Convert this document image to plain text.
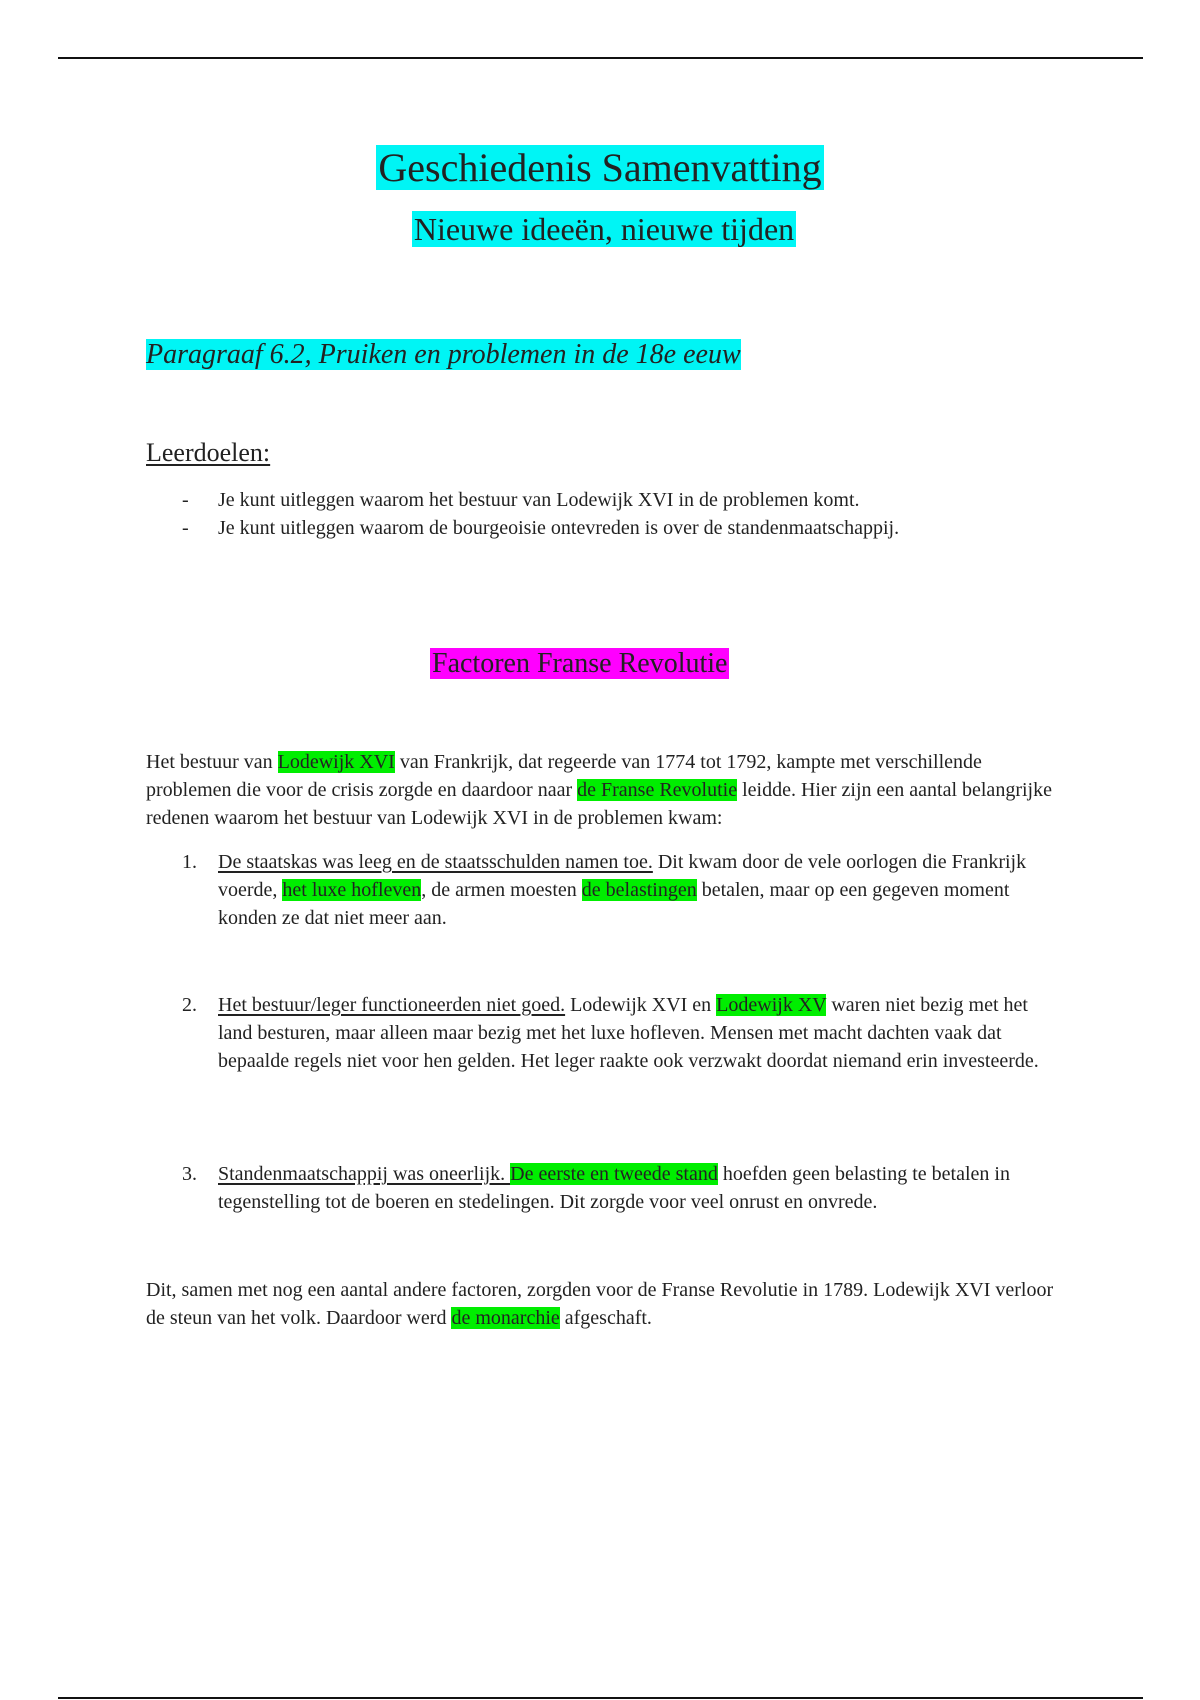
Geschiedenis Samenvatting
Nieuwe ideeën, nieuwe tijden
Paragraaf 6.2, Pruiken en problemen in de 18e eeuw
Leerdoelen:
- Je kunt uitleggen waarom het bestuur van Lodewijk XVI in de problemen komt.
- Je kunt uitleggen waarom de bourgeoisie ontevreden is over de standenmaatschappij.
Factoren Franse Revolutie

Het bestuur van Lodewijk XVI van Frankrijk, dat regeerde van 1774 tot 1792, kampte met verschillende problemen die voor de crisis zorgde en daardoor naar de Franse Revolutie leidde. Hier zijn een aantal belangrijke redenen waarom het bestuur van Lodewijk XVI in de problemen kwam:

1. De staatskas was leeg en de staatsschulden namen toe. Dit kwam door de vele oorlogen die Frankrijk voerde, het luxe hofleven, de armen moesten de belastingen betalen, maar op een gegeven moment konden ze dat niet meer aan.
2. Het bestuur/leger functioneerden niet goed. Lodewijk XVI en Lodewijk XV waren niet bezig met het land besturen, maar alleen maar bezig met het luxe hofleven. Mensen met macht dachten vaak dat bepaalde regels niet voor hen gelden. Het leger raakte ook verzwakt doordat niemand erin investeerde.
3. Standenmaatschappij was oneerlijk. De eerste en tweede stand hoefden geen belasting te betalen in tegenstelling tot de boeren en stedelingen. Dit zorgde voor veel onrust en onvrede.

Dit, samen met nog een aantal andere factoren, zorgden voor de Franse Revolutie in 1789. Lodewijk XVI verloor de steun van het volk. Daardoor werd de monarchie afgeschaft.
